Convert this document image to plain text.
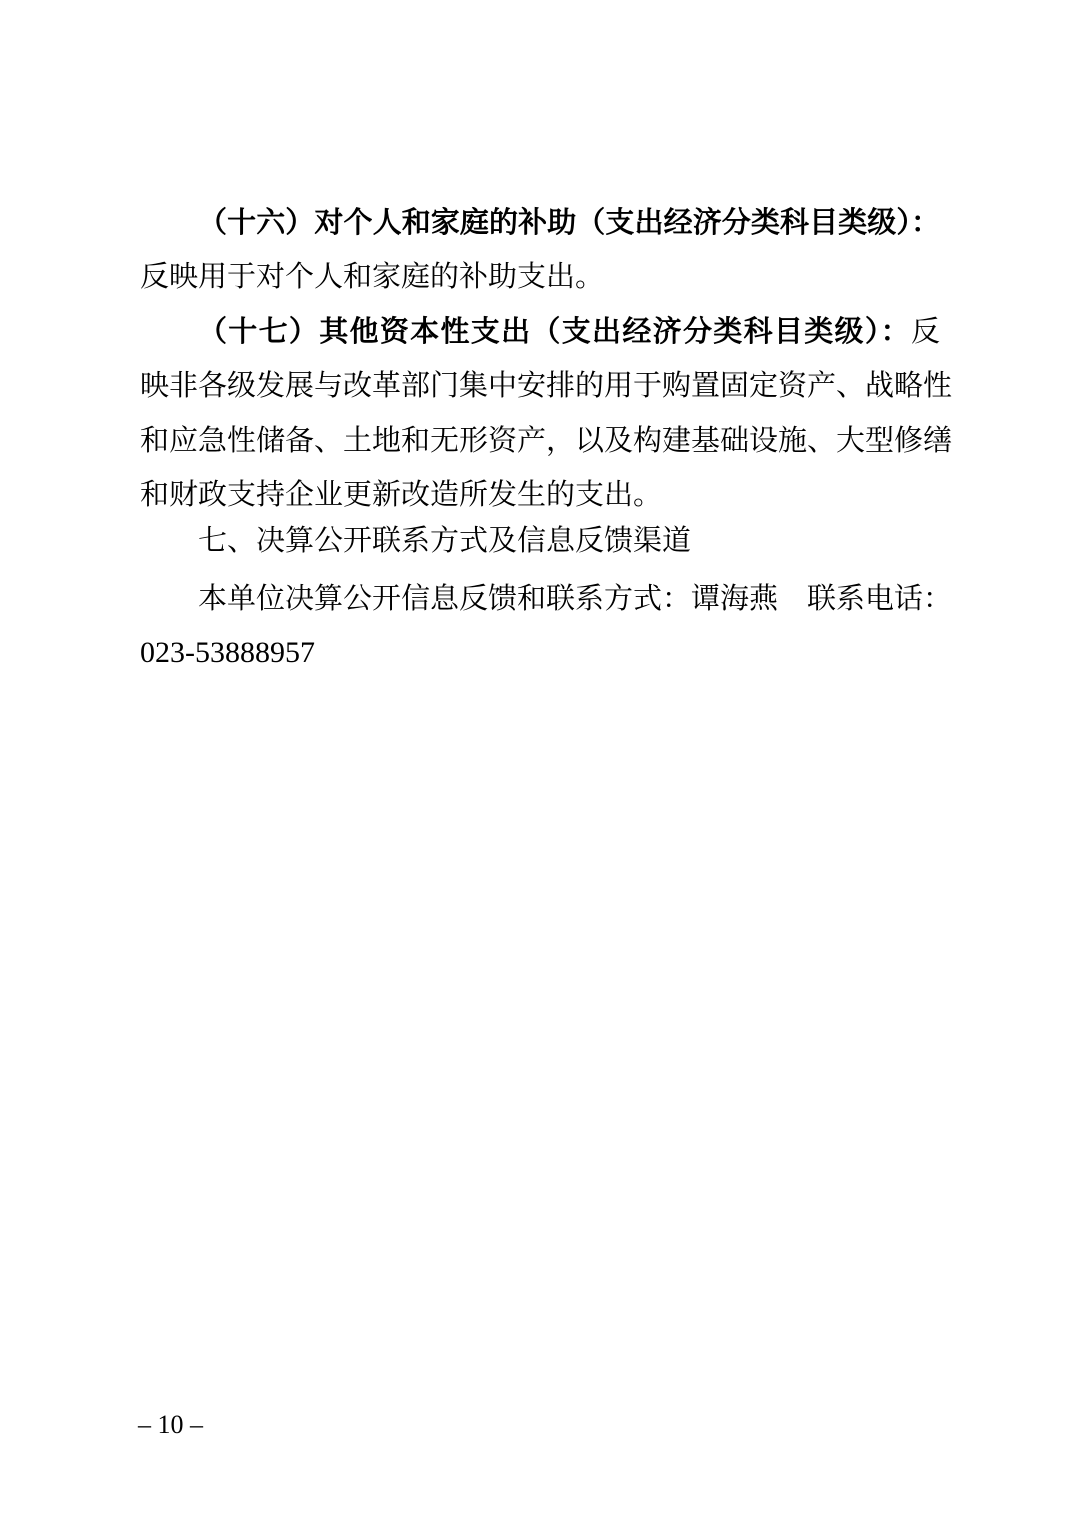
（十六）对个人和家庭的补助（支出经济分类科目类级）：
反映用于对个人和家庭的补助支出。
（十七）其他资本性支出（支出经济分类科目类级）：反
映非各级发展与改革部门集中安排的用于购置固定资产、战略性
和应急性储备、土地和无形资产，以及构建基础设施、大型修缮
和财政支持企业更新改造所发生的支出。
七、决算公开联系方式及信息反馈渠道
本单位决算公开信息反馈和联系方式：谭海燕　联系电话：
023-53888957
– 10 –
